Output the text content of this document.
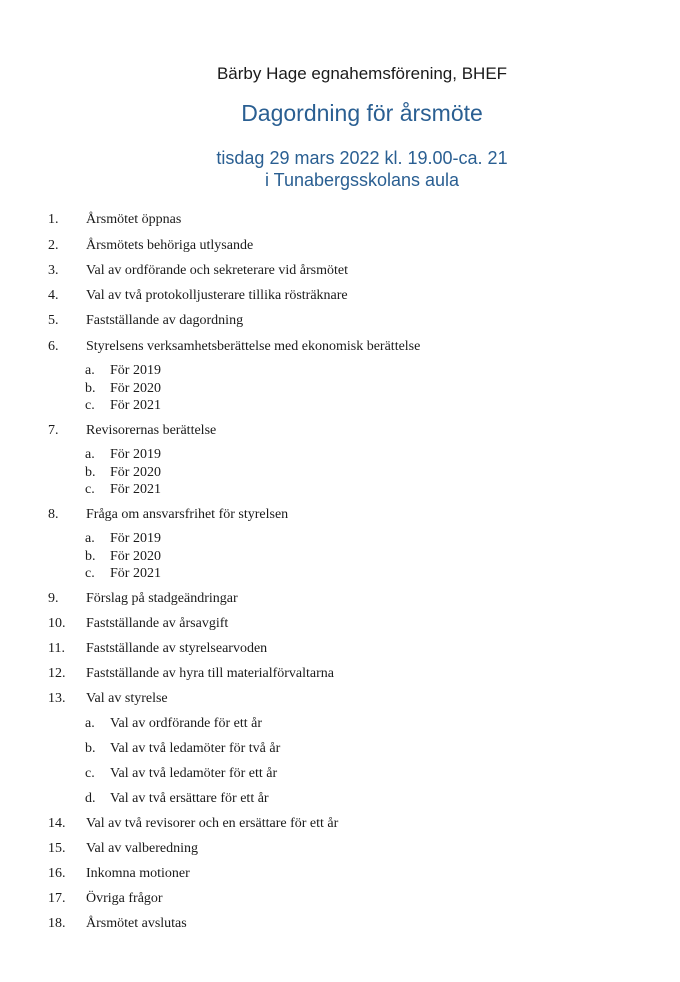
Bärby Hage egnahemsförening, BHEF
Dagordning för årsmöte
tisdag 29 mars 2022 kl. 19.00-ca. 21
i Tunabergsskolans aula
1. Årsmötet öppnas
2. Årsmötets behöriga utlysande
3. Val av ordförande och sekreterare vid årsmötet
4. Val av två protokolljusterare tillika rösträknare
5. Fastställande av dagordning
6. Styrelsens verksamhetsberättelse med ekonomisk berättelse
a. För 2019
b. För 2020
c. För 2021
7. Revisorernas berättelse
a. För 2019
b. För 2020
c. För 2021
8. Fråga om ansvarsfrihet för styrelsen
a. För 2019
b. För 2020
c. För 2021
9. Förslag på stadgeändringar
10. Fastställande av årsavgift
11. Fastställande av styrelsearvoden
12. Fastställande av hyra till materialförvaltarna
13. Val av styrelse
a. Val av ordförande för ett år
b. Val av två ledamöter för två år
c. Val av två ledamöter för ett år
d. Val av två ersättare för ett år
14. Val av två revisorer och en ersättare för ett år
15. Val av valberedning
16. Inkomna motioner
17. Övriga frågor
18. Årsmötet avslutas
